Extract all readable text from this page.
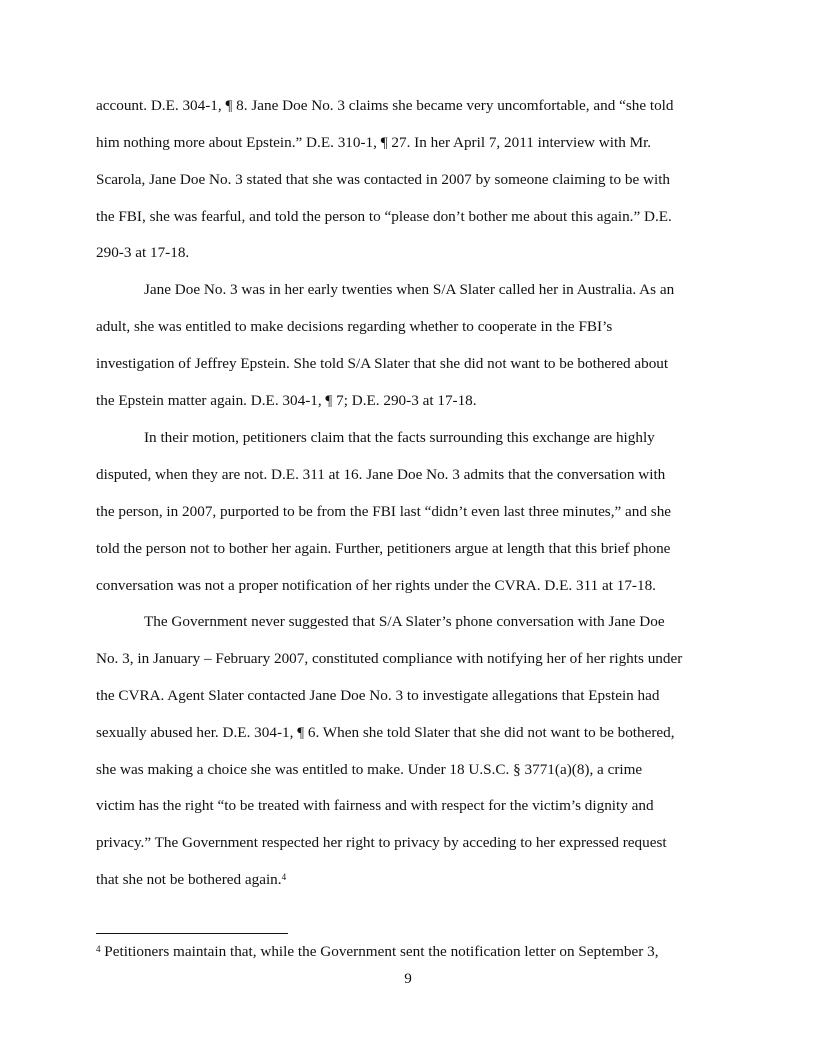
account. D.E. 304-1, ¶ 8. Jane Doe No. 3 claims she became very uncomfortable, and “she told
him nothing more about Epstein.” D.E. 310-1, ¶ 27. In her April 7, 2011 interview with Mr.
Scarola, Jane Doe No. 3 stated that she was contacted in 2007 by someone claiming to be with
the FBI, she was fearful, and told the person to “please don’t bother me about this again.” D.E.
290-3 at 17-18.
Jane Doe No. 3 was in her early twenties when S/A Slater called her in Australia. As an
adult, she was entitled to make decisions regarding whether to cooperate in the FBI’s
investigation of Jeffrey Epstein. She told S/A Slater that she did not want to be bothered about
the Epstein matter again. D.E. 304-1, ¶ 7; D.E. 290-3 at 17-18.
In their motion, petitioners claim that the facts surrounding this exchange are highly
disputed, when they are not. D.E. 311 at 16. Jane Doe No. 3 admits that the conversation with
the person, in 2007, purported to be from the FBI last “didn’t even last three minutes,” and she
told the person not to bother her again. Further, petitioners argue at length that this brief phone
conversation was not a proper notification of her rights under the CVRA. D.E. 311 at 17-18.
The Government never suggested that S/A Slater’s phone conversation with Jane Doe
No. 3, in January – February 2007, constituted compliance with notifying her of her rights under
the CVRA. Agent Slater contacted Jane Doe No. 3 to investigate allegations that Epstein had
sexually abused her. D.E. 304-1, ¶ 6. When she told Slater that she did not want to be bothered,
she was making a choice she was entitled to make. Under 18 U.S.C. § 3771(a)(8), a crime
victim has the right “to be treated with fairness and with respect for the victim’s dignity and
privacy.” The Government respected her right to privacy by acceding to her expressed request
that she not be bothered again.$^4$
$^4$ Petitioners maintain that, while the Government sent the notification letter on September 3,
9
